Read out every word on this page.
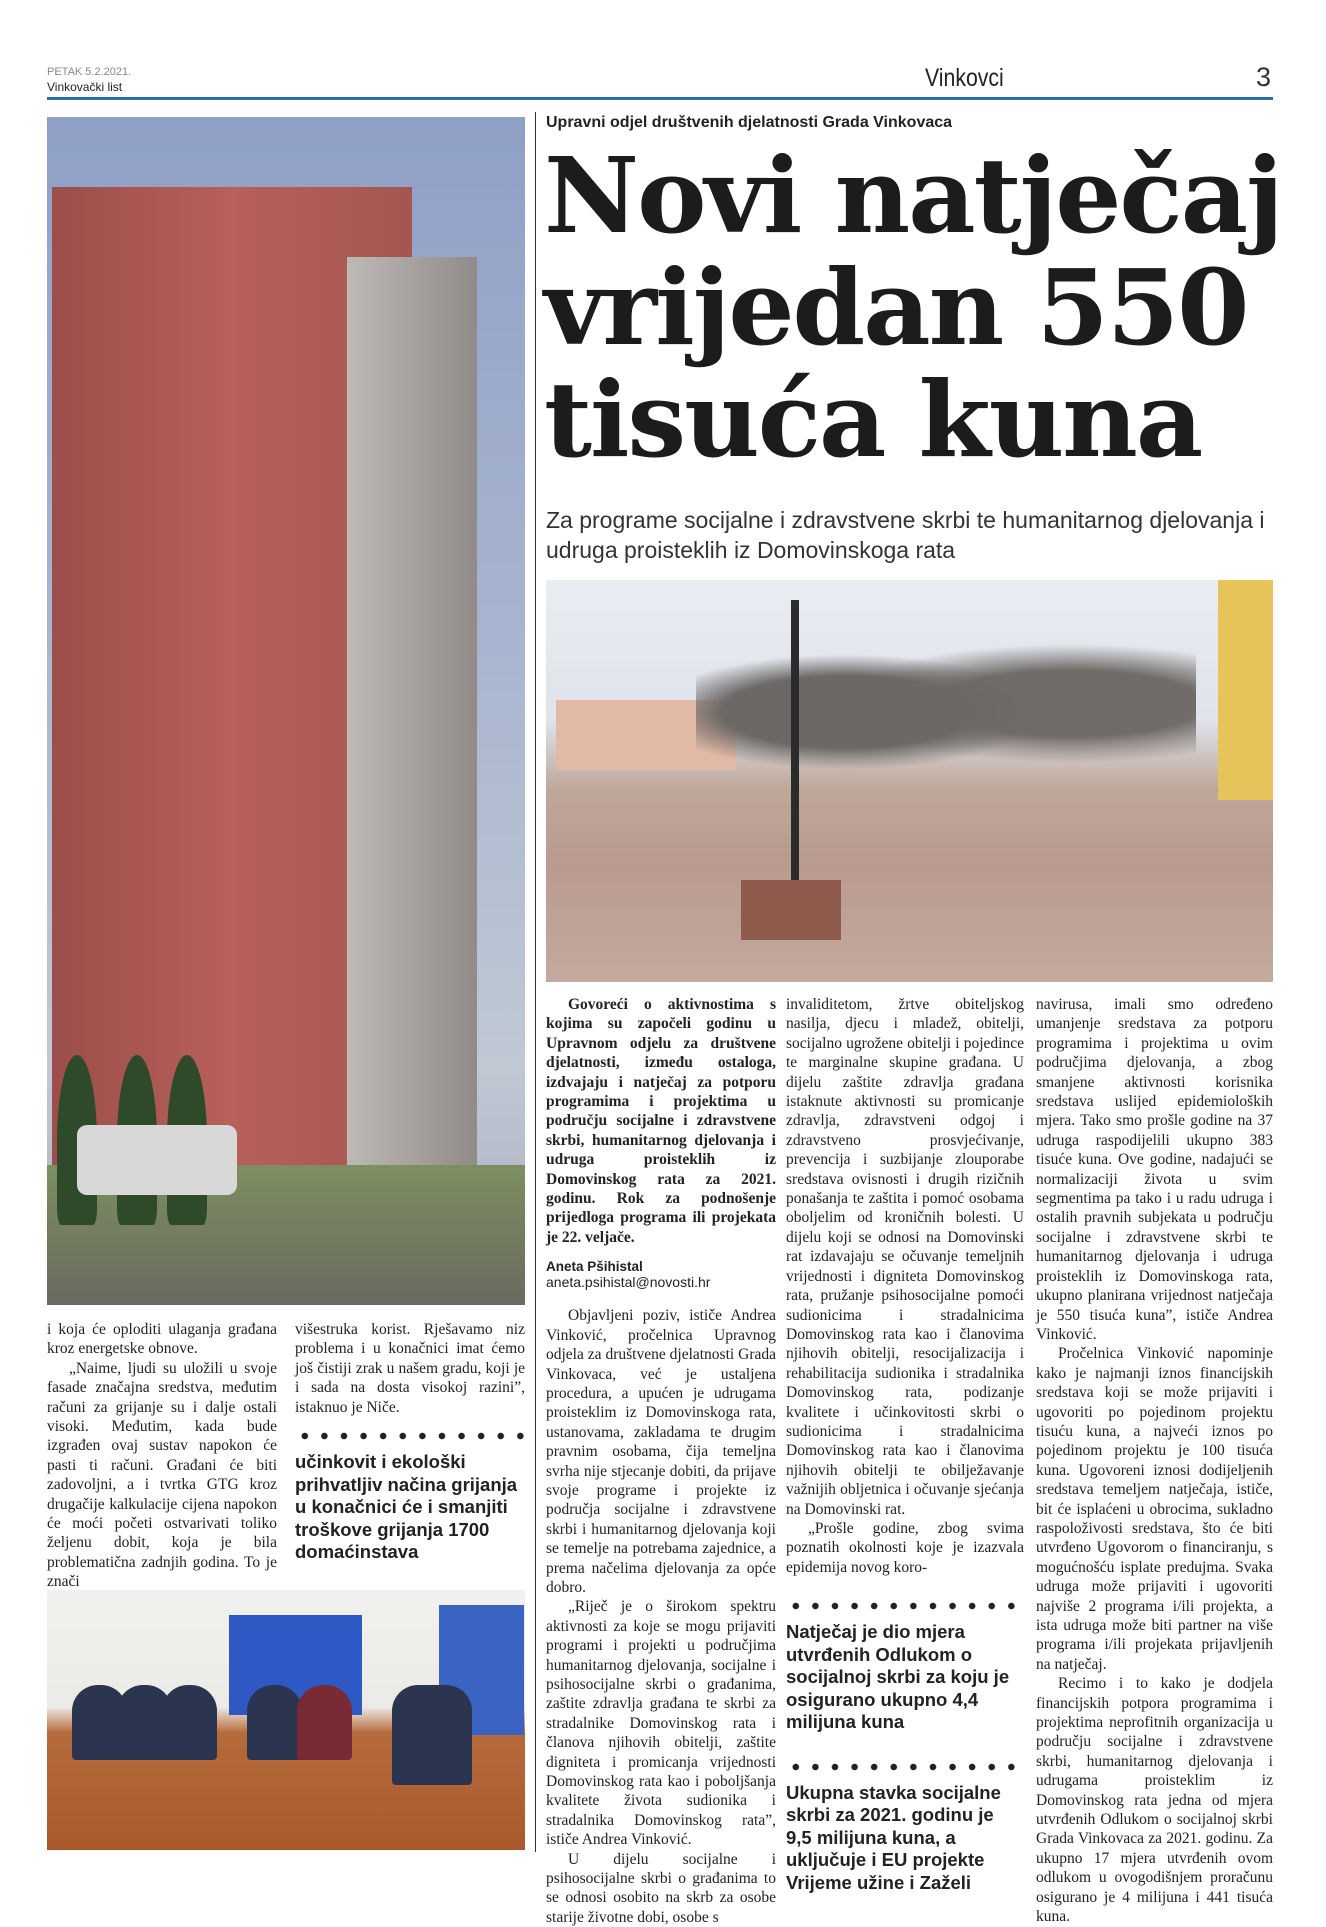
PETAK 5.2.2021.
Vinkovački list	Vinkovci	3
Upravni odjel društvenih djelatnosti Grada Vinkovaca
Novi natječaj vrijedan 550 tisuća kuna
Za programe socijalne i zdravstvene skrbi te humanitarnog djelovanja i udruga proisteklih iz Domovinskoga rata

Govoreći o aktivnostima s kojima su započeli godinu u Upravnom odjelu za društvene djelatnosti, između ostaloga, izdvajaju i natječaj za potporu programima i projektima u području socijalne i zdravstvene skrbi, humanitarnog djelovanja i udruga proisteklih iz Domovinskog rata za 2021. godinu. Rok za podnošenje prijedloga programa ili projekata je 22. veljače.

Aneta Pšihistal
aneta.psihistal@novosti.hr

Objavljeni poziv, ističe Andrea Vinković, pročelnica Upravnog odjela za društvene djelatnosti Grada Vinkovaca, već je ustaljena procedura, a upućen je udrugama proisteklim iz Domovinskoga rata, ustanovama, zakladama te drugim pravnim osobama, čija temeljna svrha nije stjecanje dobiti, da prijave svoje programe i projekte iz područja socijalne i zdravstvene skrbi i humanitarnog djelovanja koji se temelje na potrebama zajednice, a prema načelima djelovanja za opće dobro.

„Riječ je o širokom spektru aktivnosti za koje se mogu prijaviti programi i projekti u područjima humanitarnog djelovanja, socijalne i psihosocijalne skrbi o građanima, zaštite zdravlja građana te skrbi za stradalnike Domovinskog rata i članova njihovih obitelji, zaštite digniteta i promicanja vrijednosti Domovinskog rata kao i poboljšanja kvalitete života sudionika i stradalnika Domovinskog rata”, ističe Andrea Vinković.

U dijelu socijalne i psihosocijalne skrbi o građanima to se odnosi osobito na skrb za osobe starije životne dobi, osobe s

invaliditetom, žrtve obiteljskog nasilja, djecu i mladež, obitelji, socijalno ugrožene obitelji i pojedince te marginalne skupine građana. U dijelu zaštite zdravlja građana istaknute aktivnosti su promicanje zdravlja, zdravstveni odgoj i zdravstveno prosvjećivanje, prevencija i suzbijanje zlouporabe sredstava ovisnosti i drugih rizičnih ponašanja te zaštita i pomoć osobama oboljelim od kroničnih bolesti. U dijelu koji se odnosi na Domovinski rat izdavajaju se očuvanje temeljnih vrijednosti i digniteta Domovinskog rata, pružanje psihosocijalne pomoći sudionicima i stradalnicima Domovinskog rata kao i članovima njihovih obitelji, resocijalizacija i rehabilitacija sudionika i stradalnika Domovinskog rata, podizanje kvalitete i učinkovitosti skrbi o sudionicima i stradalnicima Domovinskog rata kao i članovima njihovih obitelji te obilježavanje važnijih obljetnica i očuvanje sjećanja na Domovinski rat.

„Prošle godine, zbog svima poznatih okolnosti koje je izazvala epidemija novog koro-

Natječaj je dio mjera utvrđenih Odlukom o socijalnoj skrbi za koju je osigurano ukupno 4,4 milijuna kuna

Ukupna stavka socijalne skrbi za 2021. godinu je 9,5 milijuna kuna, a uključuje i EU projekte Vrijeme užine i Zaželi

navirusa, imali smo određeno umanjenje sredstava za potporu programima i projektima u ovim područjima djelovanja, a zbog smanjene aktivnosti korisnika sredstava uslijed epidemioloških mjera. Tako smo prošle godine na 37 udruga raspodijelili ukupno 383 tisuće kuna. Ove godine, nadajući se normalizaciji života u svim segmentima pa tako i u radu udruga i ostalih pravnih subjekata u području socijalne i zdravstvene skrbi te humanitarnog djelovanja i udruga proisteklih iz Domovinskoga rata, ukupno planirana vrijednost natječaja je 550 tisuća kuna”, ističe Andrea Vinković.

Pročelnica Vinković napominje kako je najmanji iznos financijskih sredstava koji se može prijaviti i ugovoriti po pojedinom projektu tisuću kuna, a najveći iznos po pojedinom projektu je 100 tisuća kuna. Ugovoreni iznosi dodijeljenih sredstava temeljem natječaja, ističe, bit će isplaćeni u obrocima, sukladno raspoloživosti sredstava, što će biti utvrđeno Ugovorom o financiranju, s mogućnošću isplate predujma. Svaka udruga može prijaviti i ugovoriti najviše 2 programa i/ili projekta, a ista udruga može biti partner na više programa i/ili projekata prijavljenih na natječaj.

Recimo i to kako je dodjela financijskih potpora programima i projektima neprofitnih organizacija u području socijalne i zdravstvene skrbi, humanitarnog djelovanja i udrugama proisteklim iz Domovinskog rata jedna od mjera utvrđenih Odlukom o socijalnoj skrbi Grada Vinkovaca za 2021. godinu. Za ukupno 17 mjera utvrđenih ovom odlukom u ovogodišnjem proračunu osigurano je 4 milijuna i 441 tisuća kuna.

i koja će oploditi ulaganja građana kroz energetske obnove.

„Naime, ljudi su uložili u svoje fasade značajna sredstva, međutim računi za grijanje su i dalje ostali visoki. Međutim, kada bude izgrađen ovaj sustav napokon će pasti ti računi. Građani će biti zadovoljni, a i tvrtka GTG kroz drugačije kalkulacije cijena napokon će moći početi ostvarivati toliko željenu dobit, koja je bila problematična zadnjih godina. To je znači

višestruka korist. Rješavamo niz problema i u konačnici imat ćemo još čistiji zrak u našem gradu, koji je i sada na dosta visokoj razini”, istaknuo je Niče.

učinkovit i ekološki prihvatljiv načina grijanja u konačnici će i smanjiti troškove grijanja 1700 domaćinstava
